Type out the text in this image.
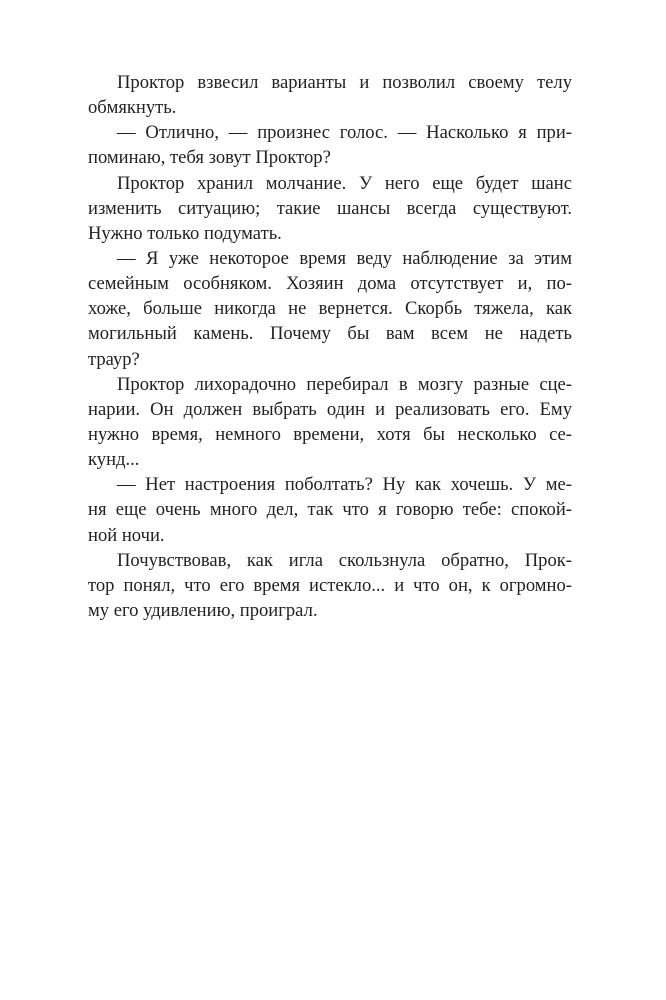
Проктор взвесил варианты и позволил своему телу
обмякнуть.
— Отлично, — произнес голос. — Насколько я при-
поминаю, тебя зовут Проктор?
Проктор хранил молчание. У него еще будет шанс
изменить ситуацию; такие шансы всегда существуют.
Нужно только подумать.
— Я уже некоторое время веду наблюдение за этим
семейным особняком. Хозяин дома отсутствует и, по-
хоже, больше никогда не вернется. Скорбь тяжела, как
могильный камень. Почему бы вам всем не надеть
траур?
Проктор лихорадочно перебирал в мозгу разные сце-
нарии. Он должен выбрать один и реализовать его. Ему
нужно время, немного времени, хотя бы несколько се-
кунд...
— Нет настроения поболтать? Ну как хочешь. У ме-
ня еще очень много дел, так что я говорю тебе: спокой-
ной ночи.
Почувствовав, как игла скользнула обратно, Прок-
тор понял, что его время истекло... и что он, к огромно-
му его удивлению, проиграл.
